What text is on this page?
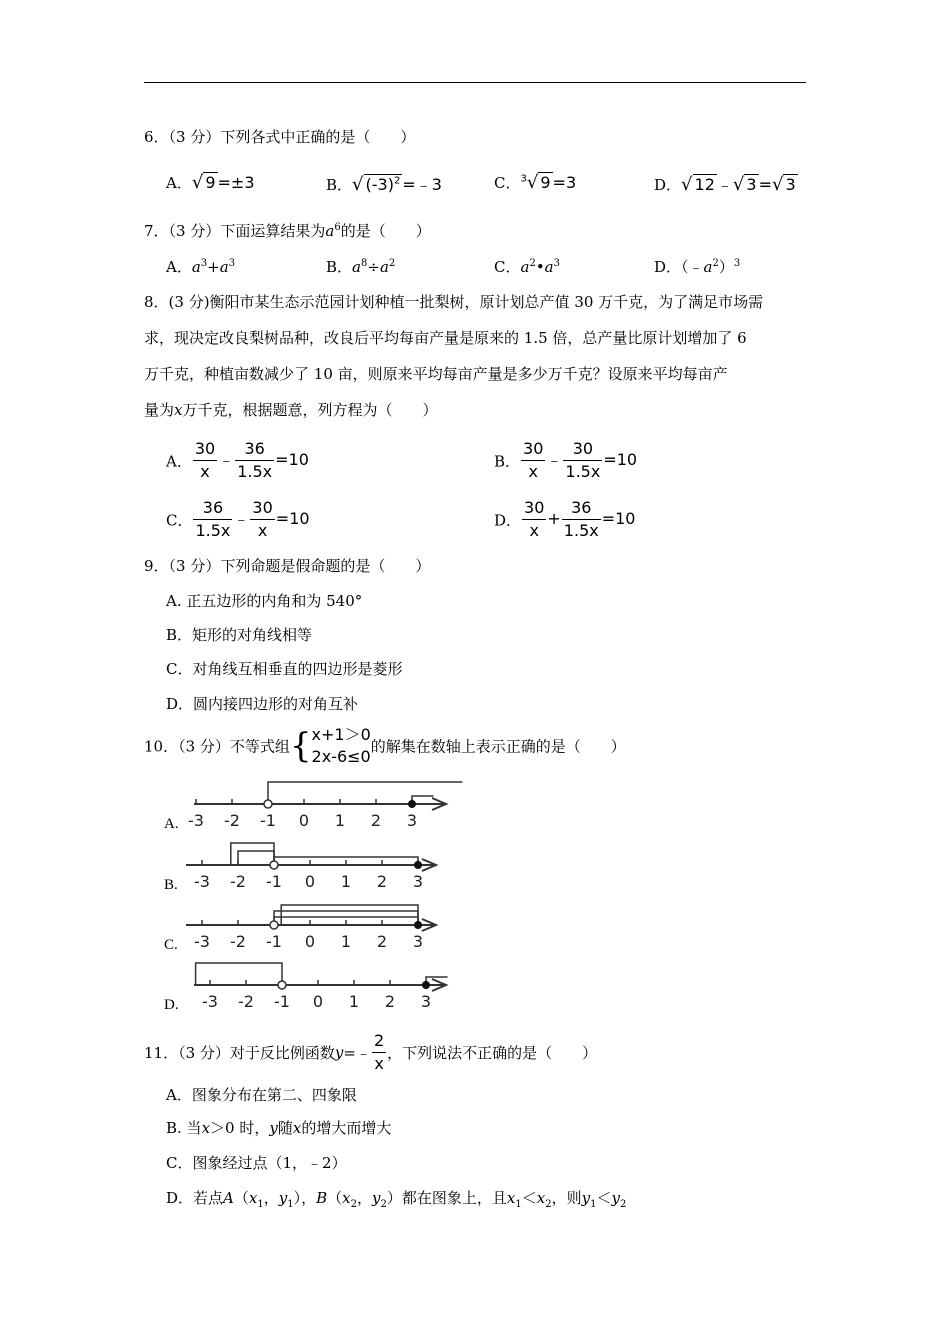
6．（3 分）下列各式中正确的是（　　）
A．√ 9 =±3	B．√ $(-3)^2$ =﹣3	C．$^3$√ 9 =3	D．√ 12 ﹣√ 3 =√ 3
7．（3 分）下面运算结果为$a^6$的是（　　）
A．$a^3+a^3$	B．$a^8\div a^2$	C．$a^2•a^3$	D．$(﹣a^2)^3$
8．(3 分)衡阳市某生态示范园计划种植一批梨树，原计划总产值 30 万千克，为了满足市场需
求，现决定改良梨树品种，改良后平均每亩产量是原来的 1.5 倍，总产量比原计划增加了 6
万千克，种植亩数减少了 10 亩，则原来平均每亩产量是多少万千克？设原来平均每亩产
量为x万千克，根据题意，列方程为（　　）
A． $\frac{30}{x}$ ﹣ $\frac{36}{1.5x} =10$	B． $\frac{30}{x}$ ﹣ $\frac{30}{1.5x} =10$
C． $\frac{36}{1.5x}$ ﹣ $\frac{30}{x} =10$	D． $\frac{30}{x} + \frac{36}{1.5x} =10$
9．（3 分）下列命题是假命题的是（　　）
A. 正五边形的内角和为 540°
B．矩形的对角线相等
C．对角线互相垂直的四边形是菱形
D．圆内接四边形的对角互补
10．（3 分）不等式组{ x+1＞0
2x-6≤0
的解集在数轴上表示正确的是（　　）
A. -3 -2 -1 0 1 2 3
B. -3 -2 -1 0 1 2 3
C. -3 -2 -1 0 1 2 3
D. -3 -2 -1 0 1 2 3
11．（3 分）对于反比例函数y=﹣ $\frac{2}{x}$ ，下列说法不正确的是（　　）
A．图象分布在第二、四象限
B. 当x＞0 时，y随x的增大而增大
C．图象经过点（1，﹣2）
D．若点$A(x_1$，$y_1$），$B(x_2$，$y_2$）都在图象上，且$x_1<x_2$，则$y_1<y_2$
